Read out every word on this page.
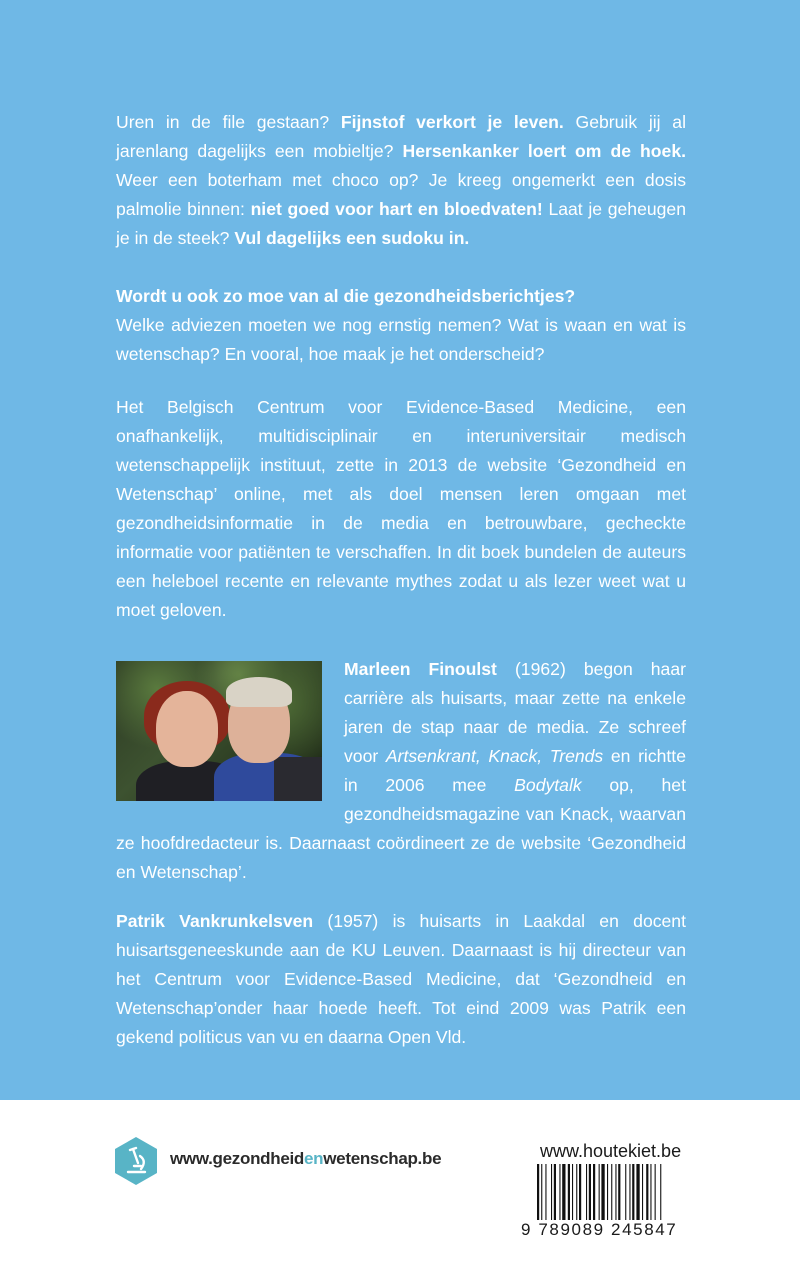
Uren in de file gestaan? Fijnstof verkort je leven. Gebruik jij al jarenlang dagelijks een mobieltje? Hersenkanker loert om de hoek. Weer een boterham met choco op? Je kreeg ongemerkt een dosis palmolie binnen: niet goed voor hart en bloedvaten! Laat je geheugen je in de steek? Vul dagelijks een sudoku in.
Wordt u ook zo moe van al die gezondheidsberichtjes?
Welke adviezen moeten we nog ernstig nemen? Wat is waan en wat is wetenschap? En vooral, hoe maak je het onderscheid?
Het Belgisch Centrum voor Evidence-Based Medicine, een onafhankelijk, multidisciplinair en interuniversitair medisch wetenschappelijk instituut, zette in 2013 de website ‘Gezondheid en Wetenschap’ online, met als doel mensen leren omgaan met gezondheidsinformatie in de media en betrouwbare, gecheckte informatie voor patiënten te verschaffen. In dit boek bundelen de auteurs een heleboel recente en relevante mythes zodat u als lezer weet wat u moet geloven.
Marleen Finoulst (1962) begon haar carrière als huisarts, maar zette na enkele jaren de stap naar de media. Ze schreef voor Artsenkrant, Knack, Trends en richtte in 2006 mee Bodytalk op, het gezondheidsmagazine van Knack, waarvan ze hoofdredacteur is. Daarnaast coördineert ze de website ‘Gezondheid en Wetenschap’.
Patrik Vankrunkelsven (1957) is huisarts in Laakdal en docent huisartsgeneeskunde aan de KU Leuven. Daarnaast is hij directeur van het Centrum voor Evidence-Based Medicine, dat ‘Gezondheid en Wetenschap’onder haar hoede heeft. Tot eind 2009 was Patrik een gekend politicus van vu en daarna Open Vld.
www.gezondheidenwetenschap.be	www.houtekiet.be
9 789089 245847
